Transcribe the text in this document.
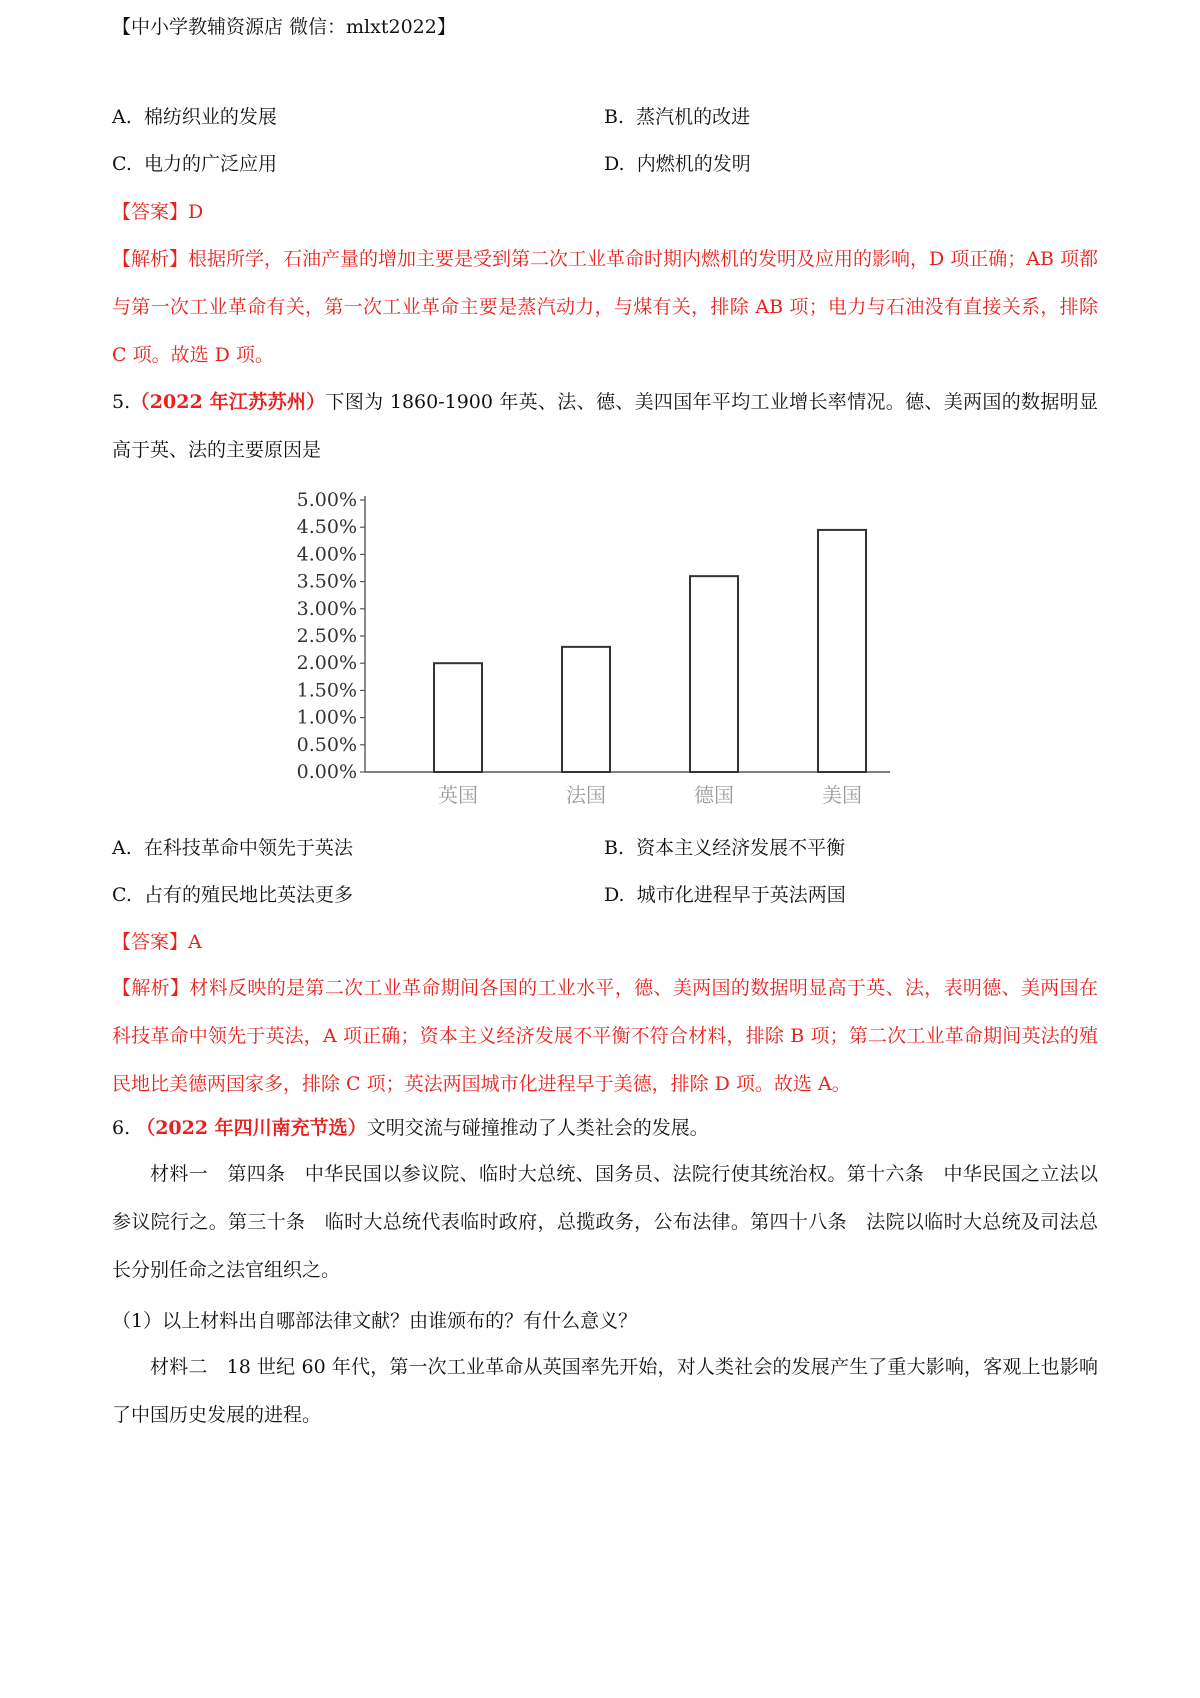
【中小学教辅资源店 微信：mlxt2022】
A. 棉纺织业的发展	B. 蒸汽机的改进
C. 电力的广泛应用	D. 内燃机的发明
【答案】D
【解析】根据所学，石油产量的增加主要是受到第二次工业革命时期内燃机的发明及应用的影响，D 项正确；AB 项都与第一次工业革命有关，第一次工业革命主要是蒸汽动力，与煤有关，排除 AB 项；电力与石油没有直接关系，排除 C 项。故选 D 项。
5.（2022 年江苏苏州）下图为 1860-1900 年英、法、德、美四国年平均工业增长率情况。德、美两国的数据明显高于英、法的主要原因是
0.00%
0.50%
1.00%
1.50%
2.00%
2.50%
3.00%
3.50%
4.00%
4.50%
5.00%
英国	法国	德国	美国
A. 在科技革命中领先于英法	B. 资本主义经济发展不平衡
C. 占有的殖民地比英法更多	D. 城市化进程早于英法两国
【答案】A
【解析】材料反映的是第二次工业革命期间各国的工业水平，德、美两国的数据明显高于英、法，表明德、美两国在科技革命中领先于英法，A 项正确；资本主义经济发展不平衡不符合材料，排除 B 项；第二次工业革命期间英法的殖民地比美德两国家多，排除 C 项；英法两国城市化进程早于美德，排除 D 项。故选 A。
6. （2022 年四川南充节选）文明交流与碰撞推动了人类社会的发展。
材料一　第四条　中华民国以参议院、临时大总统、国务员、法院行使其统治权。第十六条　中华民国之立法以参议院行之。第三十条　临时大总统代表临时政府，总揽政务，公布法律。第四十八条　法院以临时大总统及司法总长分别任命之法官组织之。
（1）以上材料出自哪部法律文献？由谁颁布的？有什么意义？
材料二　18 世纪 60 年代，第一次工业革命从英国率先开始，对人类社会的发展产生了重大影响，客观上也影响了中国历史发展的进程。
